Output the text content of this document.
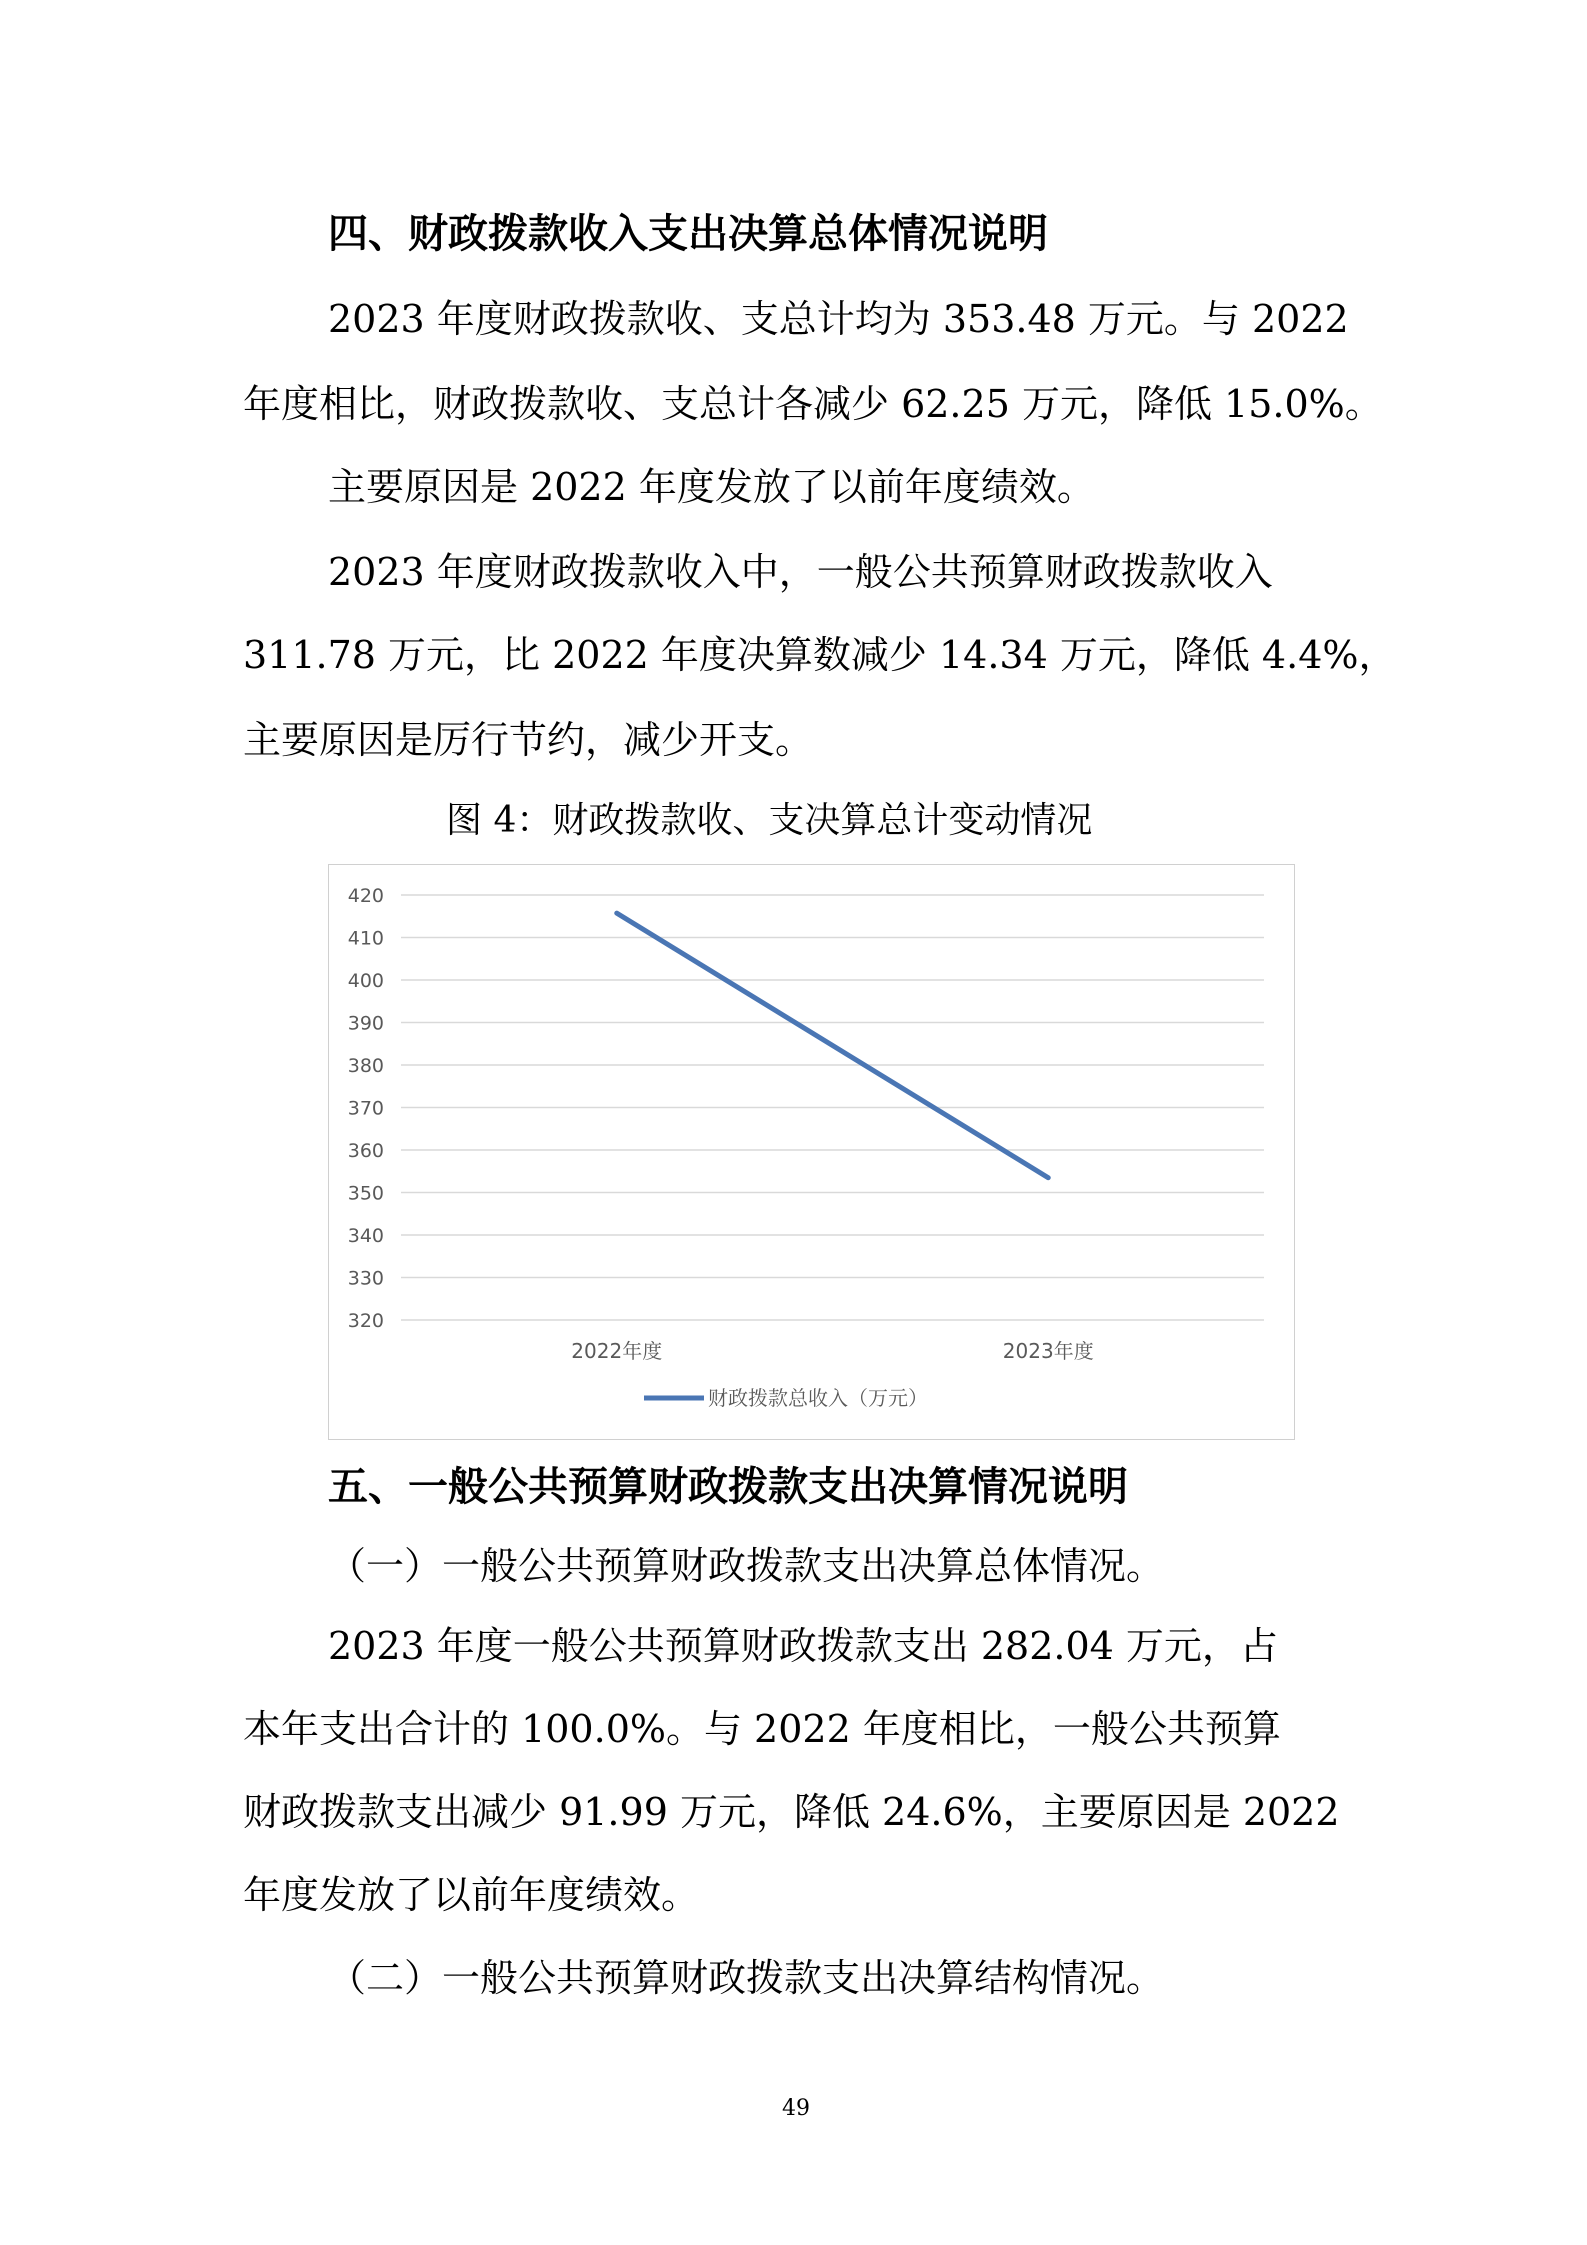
四、财政拨款收入支出决算总体情况说明
2023 年度财政拨款收、支总计均为 353.48 万元。与 2022
年度相比，财政拨款收、支总计各减少 62.25 万元，降低 15.0%。
主要原因是 2022 年度发放了以前年度绩效。
2023 年度财政拨款收入中，一般公共预算财政拨款收入
311.78 万元，比 2022 年度决算数减少 14.34 万元，降低 4.4%，
主要原因是厉行节约，减少开支。
图 4：财政拨款收、支决算总计变动情况
320
330
340
350
360
370
380
390
400
410
420
2022年度	2023年度
财政拨款总收入（万元）
五、一般公共预算财政拨款支出决算情况说明
（一）一般公共预算财政拨款支出决算总体情况。
2023 年度一般公共预算财政拨款支出 282.04 万元，占
本年支出合计的 100.0%。与 2022 年度相比，一般公共预算
财政拨款支出减少 91.99 万元，降低 24.6%，主要原因是 2022
年度发放了以前年度绩效。
（二）一般公共预算财政拨款支出决算结构情况。
49
